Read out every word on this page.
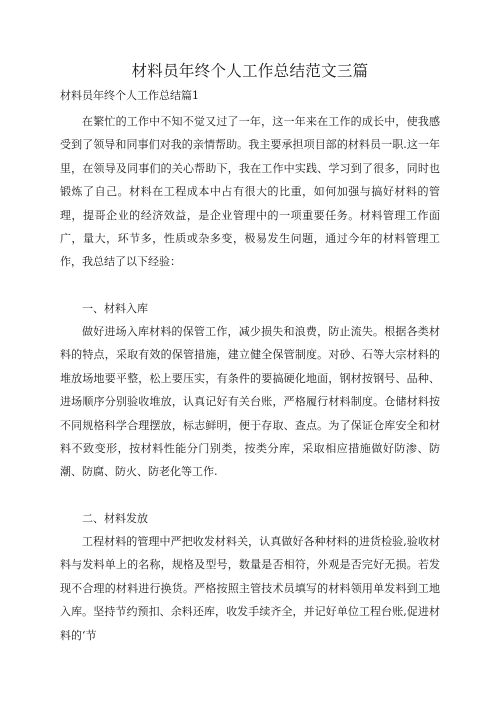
材料员年终个人工作总结范文三篇
材料员年终个人工作总结篇1

在繁忙的工作中不知不觉又过了一年，这一年来在工作的成长中，使我感受到了领导和同事们对我的亲情帮助。我主要承担项目部的材料员一职.这一年里，在领导及同事们的关心帮助下，我在工作中实践、学习到了很多，同时也锻炼了自己。材料在工程成本中占有很大的比重，如何加强与搞好材料的管理，提哥企业的经济效益，是企业管理中的一项重要任务。材料管理工作面广，量大，环节多，性质或杂多变，极易发生问题，通过今年的材料管理工作，我总结了以下经验：

一、材料入库

做好进场入库材料的保管工作，减少损失和浪费，防止流失。根据各类材料的特点，采取有效的保管措施，建立健全保管制度。对砂、石等大宗材料的堆放场地要平整，松上要压实，有条件的要搞硬化地面，钢材按钢号、品种、进场顺序分别验收堆放，认真记好有关台账，严格履行材料制度。仓储材料按不同规格科学合理摆放，标志鲜明，便于存取、查点。为了保证仓库安全和材料不致变形，按材料性能分门别类，按类分库，采取相应措施做好防渗、防潮、防腐、防火、防老化等工作.

二、材料发放

工程材料的管理中严把收发材料关，认真做好各种材料的进货检验,验收材料与发料单上的名称，规格及型号，数量是否相符，外观是否完好无损。若发现不合理的材料进行换货。严格按照主管技术员填写的材料领用单发料到工地入库。坚持节约预扣、余料还库，收发手续齐全，并记好单位工程台账,促进材料的‘节
